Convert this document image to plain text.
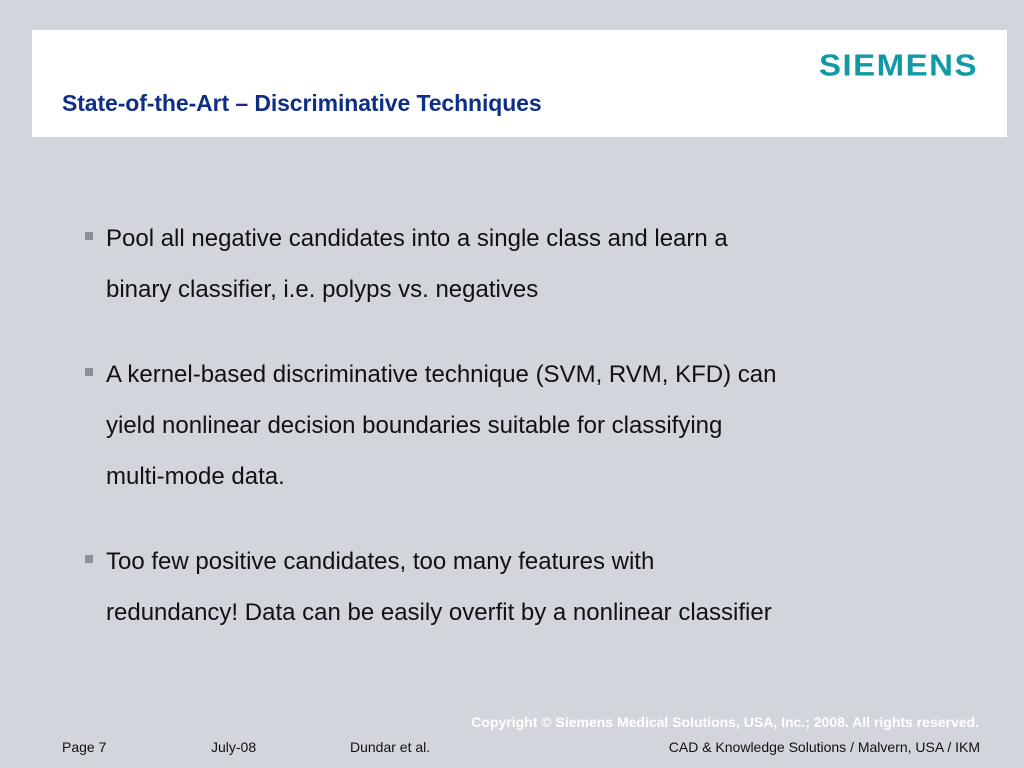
SIEMENS
State-of-the-Art – Discriminative Techniques
Pool all negative candidates into a single class and learn a binary classifier, i.e. polyps vs. negatives
A kernel-based discriminative technique (SVM, RVM, KFD) can yield nonlinear decision boundaries suitable for classifying multi-mode data.
Too few positive candidates, too many features with redundancy! Data can be easily overfit by a nonlinear classifier
Copyright © Siemens Medical Solutions, USA, Inc.; 2008. All rights reserved.
Page 7	July-08	Dundar et al.	CAD & Knowledge Solutions / Malvern, USA / IKM
